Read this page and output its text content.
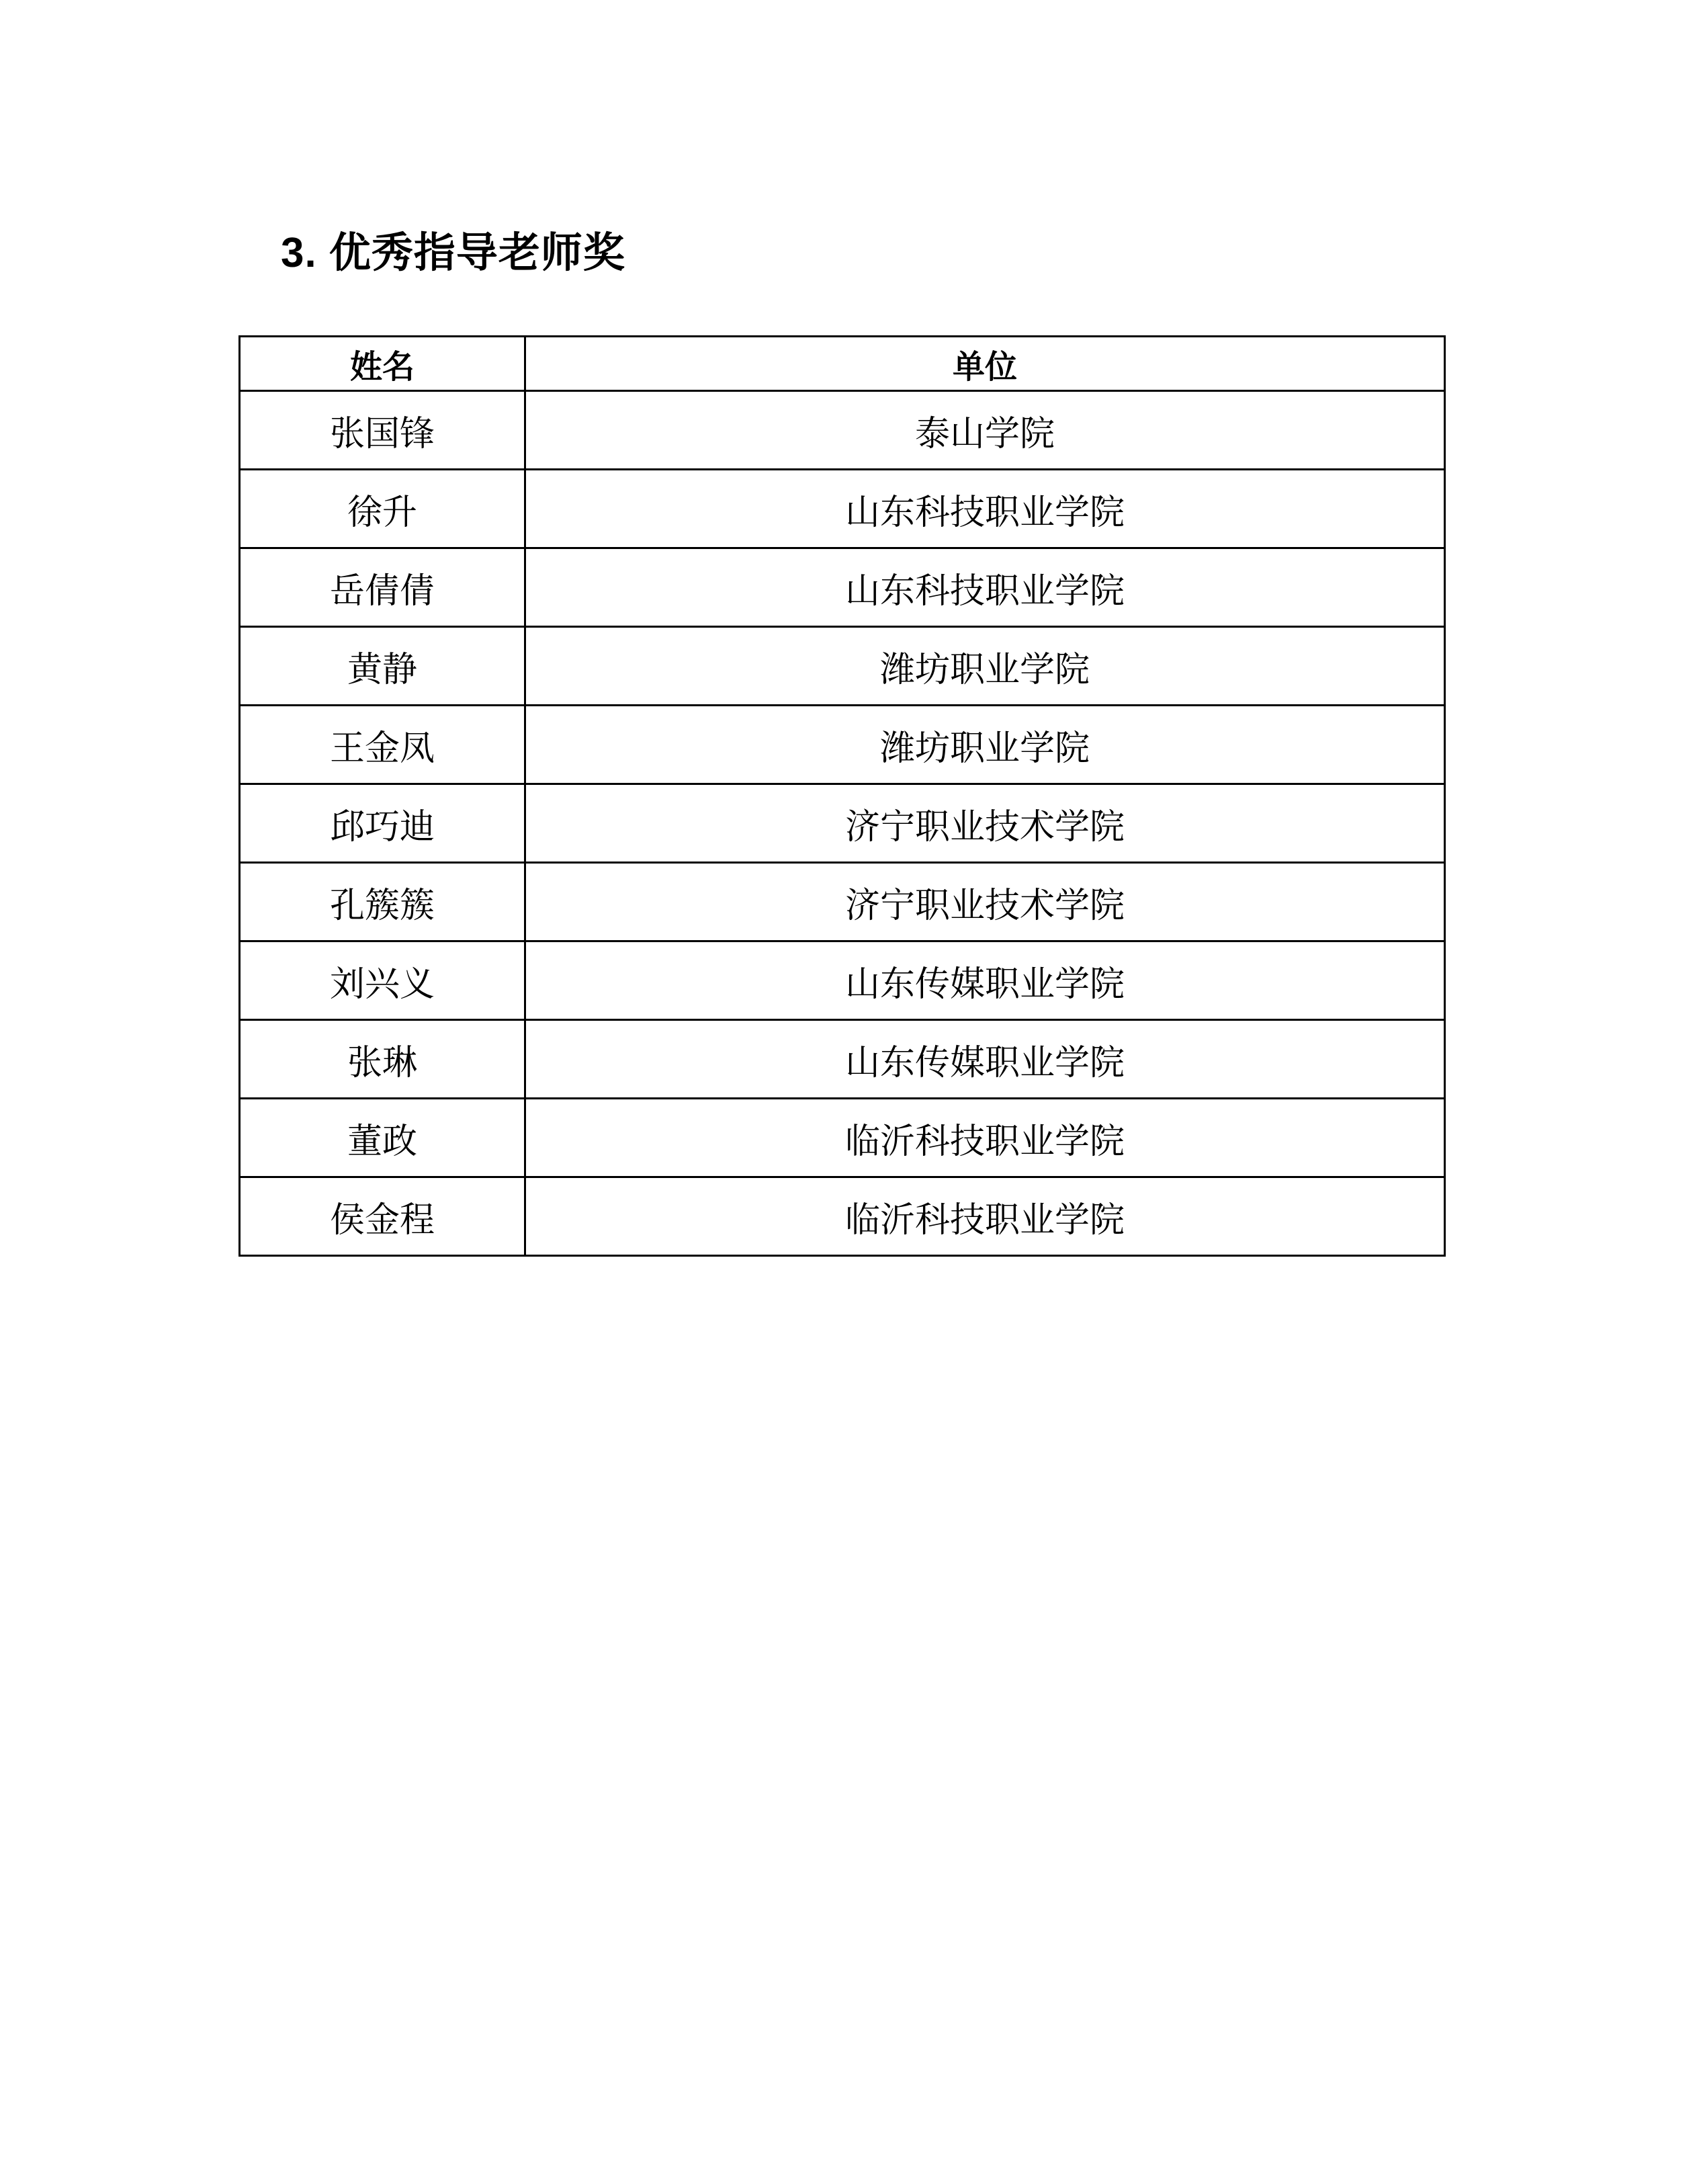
3. 优秀指导老师奖
姓名	单位
张国锋	泰山学院
徐升	山东科技职业学院
岳倩倩	山东科技职业学院
黄静	潍坊职业学院
王金凤	潍坊职业学院
邱巧迪	济宁职业技术学院
孔簇簇	济宁职业技术学院
刘兴义	山东传媒职业学院
张琳	山东传媒职业学院
董政	临沂科技职业学院
侯金程	临沂科技职业学院
